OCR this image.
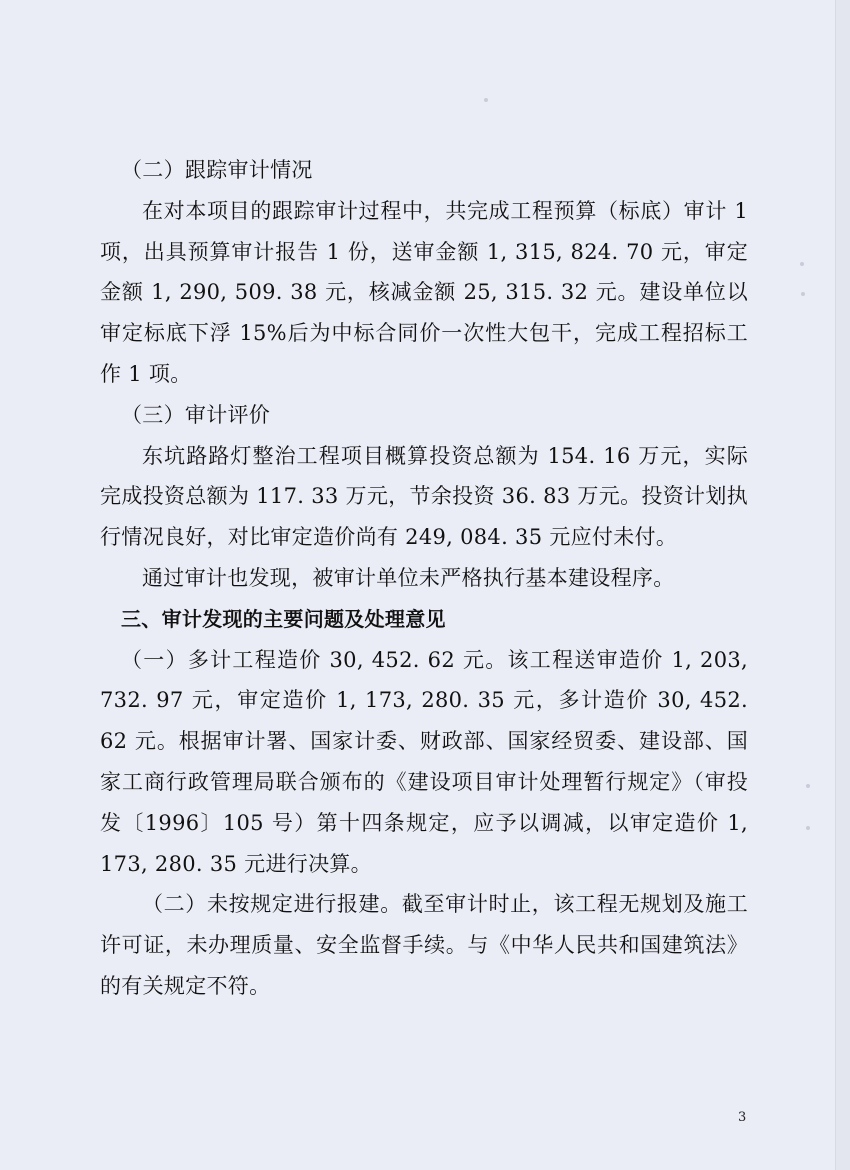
（二）跟踪审计情况

在对本项目的跟踪审计过程中，共完成工程预算（标底）审计 1 项，出具预算审计报告 1 份，送审金额 1, 315, 824. 70 元，审定金额 1, 290, 509. 38 元，核减金额 25, 315. 32 元。建设单位以审定标底下浮 15%后为中标合同价一次性大包干，完成工程招标工作 1 项。

（三）审计评价

东坑路路灯整治工程项目概算投资总额为 154. 16 万元，实际完成投资总额为 117. 33 万元，节余投资 36. 83 万元。投资计划执行情况良好，对比审定造价尚有 249, 084. 35 元应付未付。

通过审计也发现，被审计单位未严格执行基本建设程序。

三、审计发现的主要问题及处理意见

（一）多计工程造价 30, 452. 62 元。该工程送审造价 1, 203, 732. 97 元，审定造价 1, 173, 280. 35 元，多计造价 30, 452. 62 元。根据审计署、国家计委、财政部、国家经贸委、建设部、国家工商行政管理局联合颁布的《建设项目审计处理暂行规定》（审投发〔1996〕105 号）第十四条规定，应予以调减，以审定造价 1, 173, 280. 35 元进行决算。

（二）未按规定进行报建。截至审计时止，该工程无规划及施工许可证，未办理质量、安全监督手续。与《中华人民共和国建筑法》的有关规定不符。

3
